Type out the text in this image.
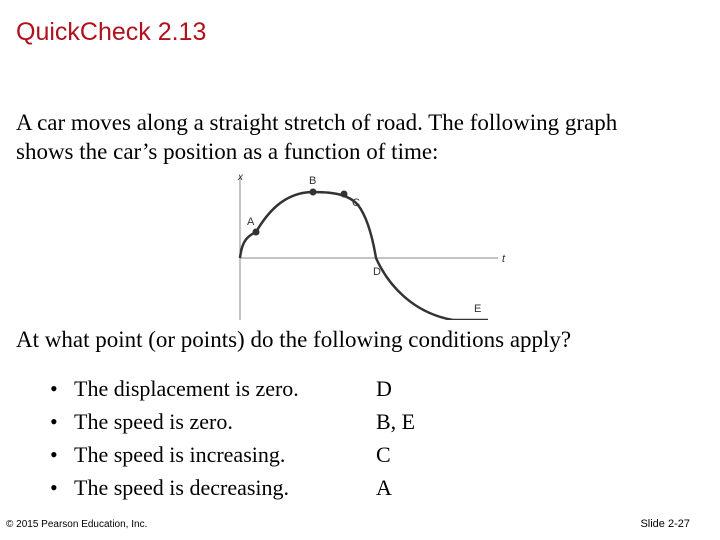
QuickCheck 2.13

A car moves along a straight stretch of road. The following graph shows the car’s position as a function of time:

x
t
A
B
C
D
E

At what point (or points) do the following conditions apply?

• The displacement is zero.	D
• The speed is zero.	B, E
• The speed is increasing.	C
• The speed is decreasing.	A
© 2015 Pearson Education, Inc.	Slide 2-27
